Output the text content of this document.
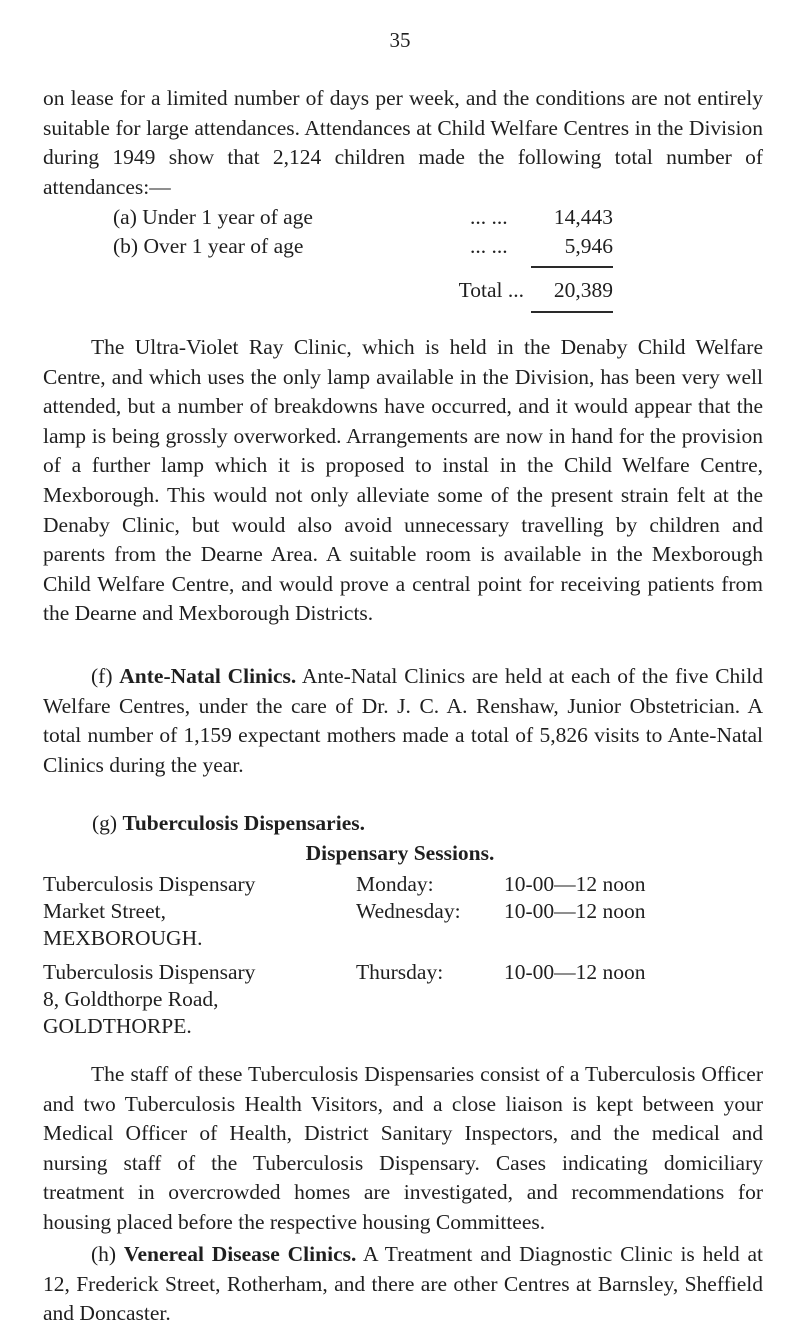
35

on lease for a limited number of days per week, and the conditions are not entirely suitable for large attendances. Attendances at Child Welfare Centres in the Division during 1949 show that 2,124 children made the following total number of attendances:—

(a) Under 1 year of age	... ... 14,443
(b) Over 1 year of age	... ...	5,946
Total ... 20,389

The Ultra-Violet Ray Clinic, which is held in the Denaby Child Welfare Centre, and which uses the only lamp available in the Division, has been very well attended, but a number of breakdowns have occurred, and it would appear that the lamp is being grossly overworked. Arrangements are now in hand for the provision of a further lamp which it is proposed to instal in the Child Welfare Centre, Mexborough. This would not only alleviate some of the present strain felt at the Denaby Clinic, but would also avoid unnecessary travelling by children and parents from the Dearne Area. A suitable room is available in the Mexborough Child Welfare Centre, and would prove a central point for receiving patients from the Dearne and Mexborough Districts.

(f) Ante-Natal Clinics. Ante-Natal Clinics are held at each of the five Child Welfare Centres, under the care of Dr. J. C. A. Renshaw, Junior Obstetrician. A total number of 1,159 expectant mothers made a total of 5,826 visits to Ante-Natal Clinics during the year.

(g) Tuberculosis Dispensaries.
Dispensary Sessions.
Tuberculosis Dispensary
Market Street,
MEXBOROUGH.
Monday:	10-00—12 noon
Wednesday: 10-00—12 noon
Tuberculosis Dispensary
8, Goldthorpe Road,
GOLDTHORPE.
Thursday:	10-00—12 noon

The staff of these Tuberculosis Dispensaries consist of a Tuberculosis Officer and two Tuberculosis Health Visitors, and a close liaison is kept between your Medical Officer of Health, District Sanitary Inspectors, and the medical and nursing staff of the Tuberculosis Dispensary. Cases indicating domiciliary treatment in overcrowded homes are investigated, and recommendations for housing placed before the respective housing Committees.

(h) Venereal Disease Clinics. A Treatment and Diagnostic Clinic is held at 12, Frederick Street, Rotherham, and there are other Centres at Barnsley, Sheffield and Doncaster.
